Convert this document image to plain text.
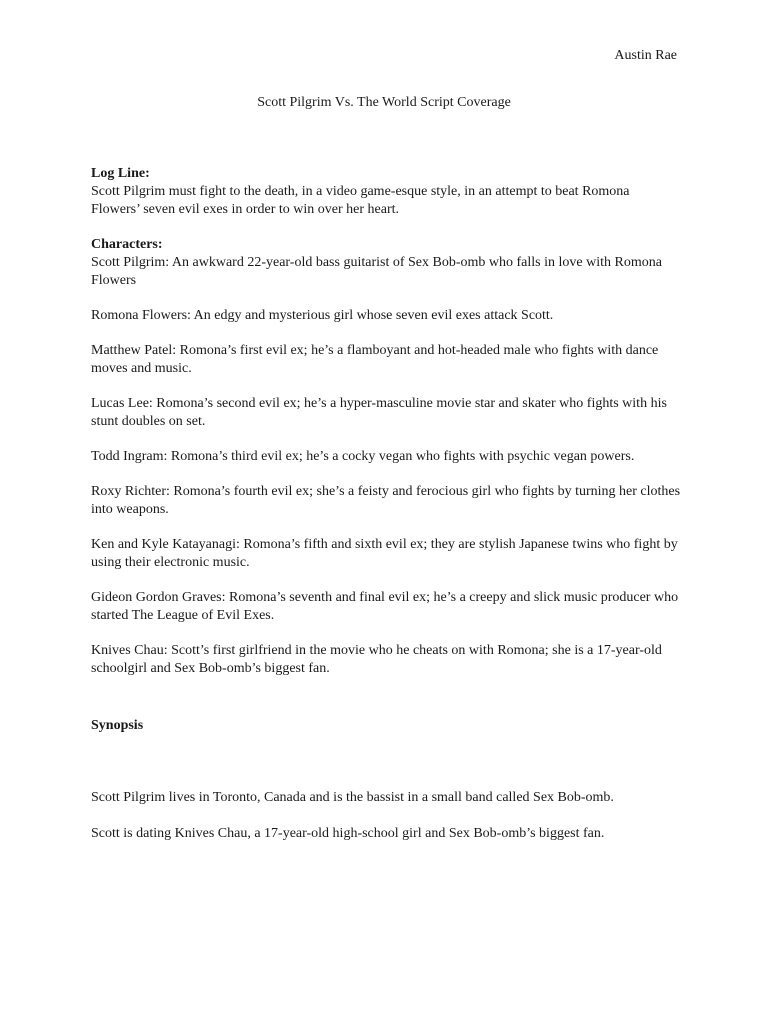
Austin Rae
Scott Pilgrim Vs. The World Script Coverage
Log Line:

Scott Pilgrim must fight to the death, in a video game-esque style, in an attempt to beat Romona Flowers’ seven evil exes in order to win over her heart.

Characters:

Scott Pilgrim: An awkward 22-year-old bass guitarist of Sex Bob-omb who falls in love with Romona Flowers

Romona Flowers: An edgy and mysterious girl whose seven evil exes attack Scott.

Matthew Patel: Romona’s first evil ex; he’s a flamboyant and hot-headed male who fights with dance moves and music.

Lucas Lee: Romona’s second evil ex; he’s a hyper-masculine movie star and skater who fights with his stunt doubles on set.

Todd Ingram: Romona’s third evil ex; he’s a cocky vegan who fights with psychic vegan powers.

Roxy Richter: Romona’s fourth evil ex; she’s a feisty and ferocious girl who fights by turning her clothes into weapons.

Ken and Kyle Katayanagi: Romona’s fifth and sixth evil ex; they are stylish Japanese twins who fight by using their electronic music.

Gideon Gordon Graves: Romona’s seventh and final evil ex; he’s a creepy and slick music producer who started The League of Evil Exes.

Knives Chau: Scott’s first girlfriend in the movie who he cheats on with Romona; she is a 17-year-old schoolgirl and Sex Bob-omb’s biggest fan.

Synopsis

Scott Pilgrim lives in Toronto, Canada and is the bassist in a small band called Sex Bob-omb.

Scott is dating Knives Chau, a 17-year-old high-school girl and Sex Bob-omb’s biggest fan.
